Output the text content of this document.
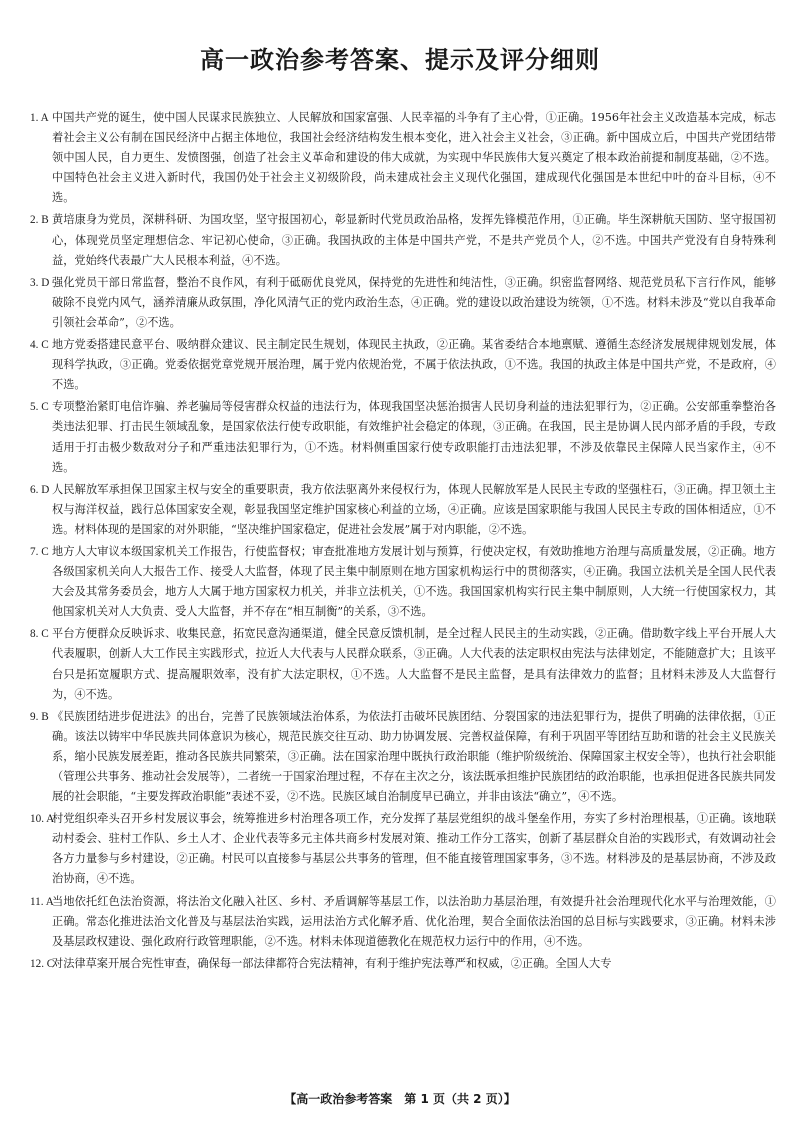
高一政治参考答案、提示及评分细则
1. A 中国共产党的诞生，使中国人民谋求民族独立、人民解放和国家富强、人民幸福的斗争有了主心骨，①正确。1956年社会主义改造基本完成，标志着社会主义公有制在国民经济中占据主体地位，我国社会经济结构发生根本变化，进入社会主义社会，③正确。新中国成立后，中国共产党团结带领中国人民，自力更生、发愤图强，创造了社会主义革命和建设的伟大成就，为实现中华民族伟大复兴奠定了根本政治前提和制度基础，②不选。中国特色社会主义进入新时代，我国仍处于社会主义初级阶段，尚未建成社会主义现代化强国，建成现代化强国是本世纪中叶的奋斗目标，④不选。
2. B 黄培康身为党员，深耕科研、为国攻坚，坚守报国初心，彰显新时代党员政治品格，发挥先锋模范作用，①正确。毕生深耕航天国防、坚守报国初心，体现党员坚定理想信念、牢记初心使命，③正确。我国执政的主体是中国共产党，不是共产党员个人，②不选。中国共产党没有自身特殊利益，党始终代表最广大人民根本利益，④不选。
3. D 强化党员干部日常监督，整治不良作风，有利于砥砺优良党风，保持党的先进性和纯洁性，③正确。织密监督网络、规范党员私下言行作风，能够破除不良党内风气，涵养清廉从政氛围，净化风清气正的党内政治生态，④正确。党的建设以政治建设为统领，①不选。材料未涉及“党以自我革命引领社会革命”，②不选。
4. C 地方党委搭建民意平台、吸纳群众建议、民主制定民生规划，体现民主执政，②正确。某省委结合本地禀赋、遵循生态经济发展规律规划发展，体现科学执政，③正确。党委依据党章党规开展治理，属于党内依规治党，不属于依法执政，①不选。我国的执政主体是中国共产党，不是政府，④不选。
5. C 专项整治紧盯电信诈骗、养老骗局等侵害群众权益的违法行为，体现我国坚决惩治损害人民切身利益的违法犯罪行为，②正确。公安部重拳整治各类违法犯罪、打击民生领域乱象，是国家依法行使专政职能，有效维护社会稳定的体现，③正确。在我国，民主是协调人民内部矛盾的手段，专政适用于打击极少数敌对分子和严重违法犯罪行为，①不选。材料侧重国家行使专政职能打击违法犯罪，不涉及依靠民主保障人民当家作主，④不选。
6. D 人民解放军承担保卫国家主权与安全的重要职责，我方依法驱离外来侵权行为，体现人民解放军是人民民主专政的坚强柱石，③正确。捍卫领土主权与海洋权益，践行总体国家安全观，彰显我国坚定维护国家核心利益的立场，④正确。应该是国家职能与我国人民民主专政的国体相适应，①不选。材料体现的是国家的对外职能，“坚决维护国家稳定，促进社会发展”属于对内职能，②不选。
7. C 地方人大审议本级国家机关工作报告，行使监督权；审查批准地方发展计划与预算，行使决定权，有效助推地方治理与高质量发展，②正确。地方各级国家机关向人大报告工作、接受人大监督，体现了民主集中制原则在地方国家机构运行中的贯彻落实，④正确。我国立法机关是全国人民代表大会及其常务委员会，地方人大属于地方国家权力机关，并非立法机关，①不选。我国国家机构实行民主集中制原则，人大统一行使国家权力，其他国家机关对人大负责、受人大监督，并不存在“相互制衡”的关系，③不选。
8. C 平台方便群众反映诉求、收集民意，拓宽民意沟通渠道，健全民意反馈机制，是全过程人民民主的生动实践，②正确。借助数字线上平台开展人大代表履职，创新人大工作民主实践形式，拉近人大代表与人民群众联系，③正确。人大代表的法定职权由宪法与法律划定，不能随意扩大；且该平台只是拓宽履职方式、提高履职效率，没有扩大法定职权，①不选。人大监督不是民主监督，是具有法律效力的监督；且材料未涉及人大监督行为，④不选。
9. B 《民族团结进步促进法》的出台，完善了民族领域法治体系，为依法打击破坏民族团结、分裂国家的违法犯罪行为，提供了明确的法律依据，①正确。该法以铸牢中华民族共同体意识为核心，规范民族交往互动、助力协调发展、完善权益保障，有利于巩固平等团结互助和谐的社会主义民族关系，缩小民族发展差距，推动各民族共同繁荣，③正确。法在国家治理中既执行政治职能（维护阶级统治、保障国家主权安全等），也执行社会职能（管理公共事务、推动社会发展等），二者统一于国家治理过程，不存在主次之分，该法既承担维护民族团结的政治职能，也承担促进各民族共同发展的社会职能，“主要发挥政治职能”表述不妥，②不选。民族区域自治制度早已确立，并非由该法“确立”，④不选。
10. A
村党组织牵头召开乡村发展议事会，统筹推进乡村治理各项工作，充分发挥了基层党组织的战斗堡垒作用，夯实了乡村治理根基，①正确。该地联动村委会、驻村工作队、乡土人才、企业代表等多元主体共商乡村发展对策、推动工作分工落实，创新了基层群众自治的实践形式，有效调动社会各方力量参与乡村建设，②正确。村民可以直接参与基层公共事务的管理，但不能直接管理国家事务，③不选。材料涉及的是基层协商，不涉及政治协商，④不选。
11. A
当地依托红色法治资源，将法治文化融入社区、乡村、矛盾调解等基层工作，以法治助力基层治理，有效提升社会治理现代化水平与治理效能，①正确。常态化推进法治文化普及与基层法治实践，运用法治方式化解矛盾、优化治理，契合全面依法治国的总目标与实践要求，③正确。材料未涉及基层政权建设、强化政府行政管理职能，②不选。材料未体现道德教化在规范权力运行中的作用，④不选。
12. C
对法律草案开展合宪性审查，确保每一部法律都符合宪法精神，有利于维护宪法尊严和权威，②正确。全国人大专
【高一政治参考答案　第 1 页（共 2 页）】
